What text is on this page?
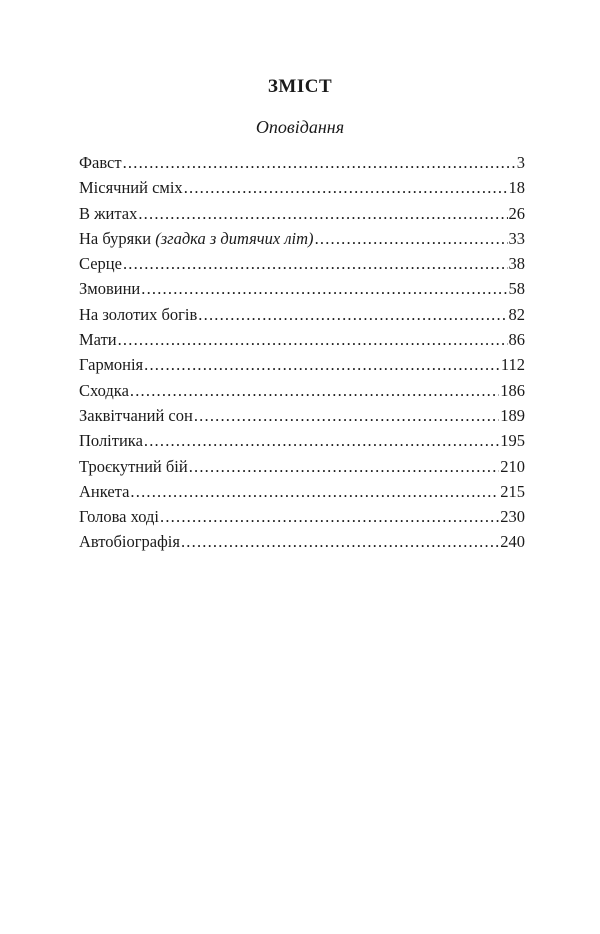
ЗМІСТ
Оповідання
Фавст .....	3
Місячний сміх .....	18
В житах .....	26
На буряки (згадка з дитячих літ) .....	33
Серце .....	38
Змовини .....	58
На золотих богів .....	82
Мати .....	86
Гармонія .....	112
Сходка .....	186
Заквітчаний сон .....	189
Політика .....	195
Троєкутний бій .....	210
Анкета .....	215
Голова ході .....	230
Автобіографія .....	240
